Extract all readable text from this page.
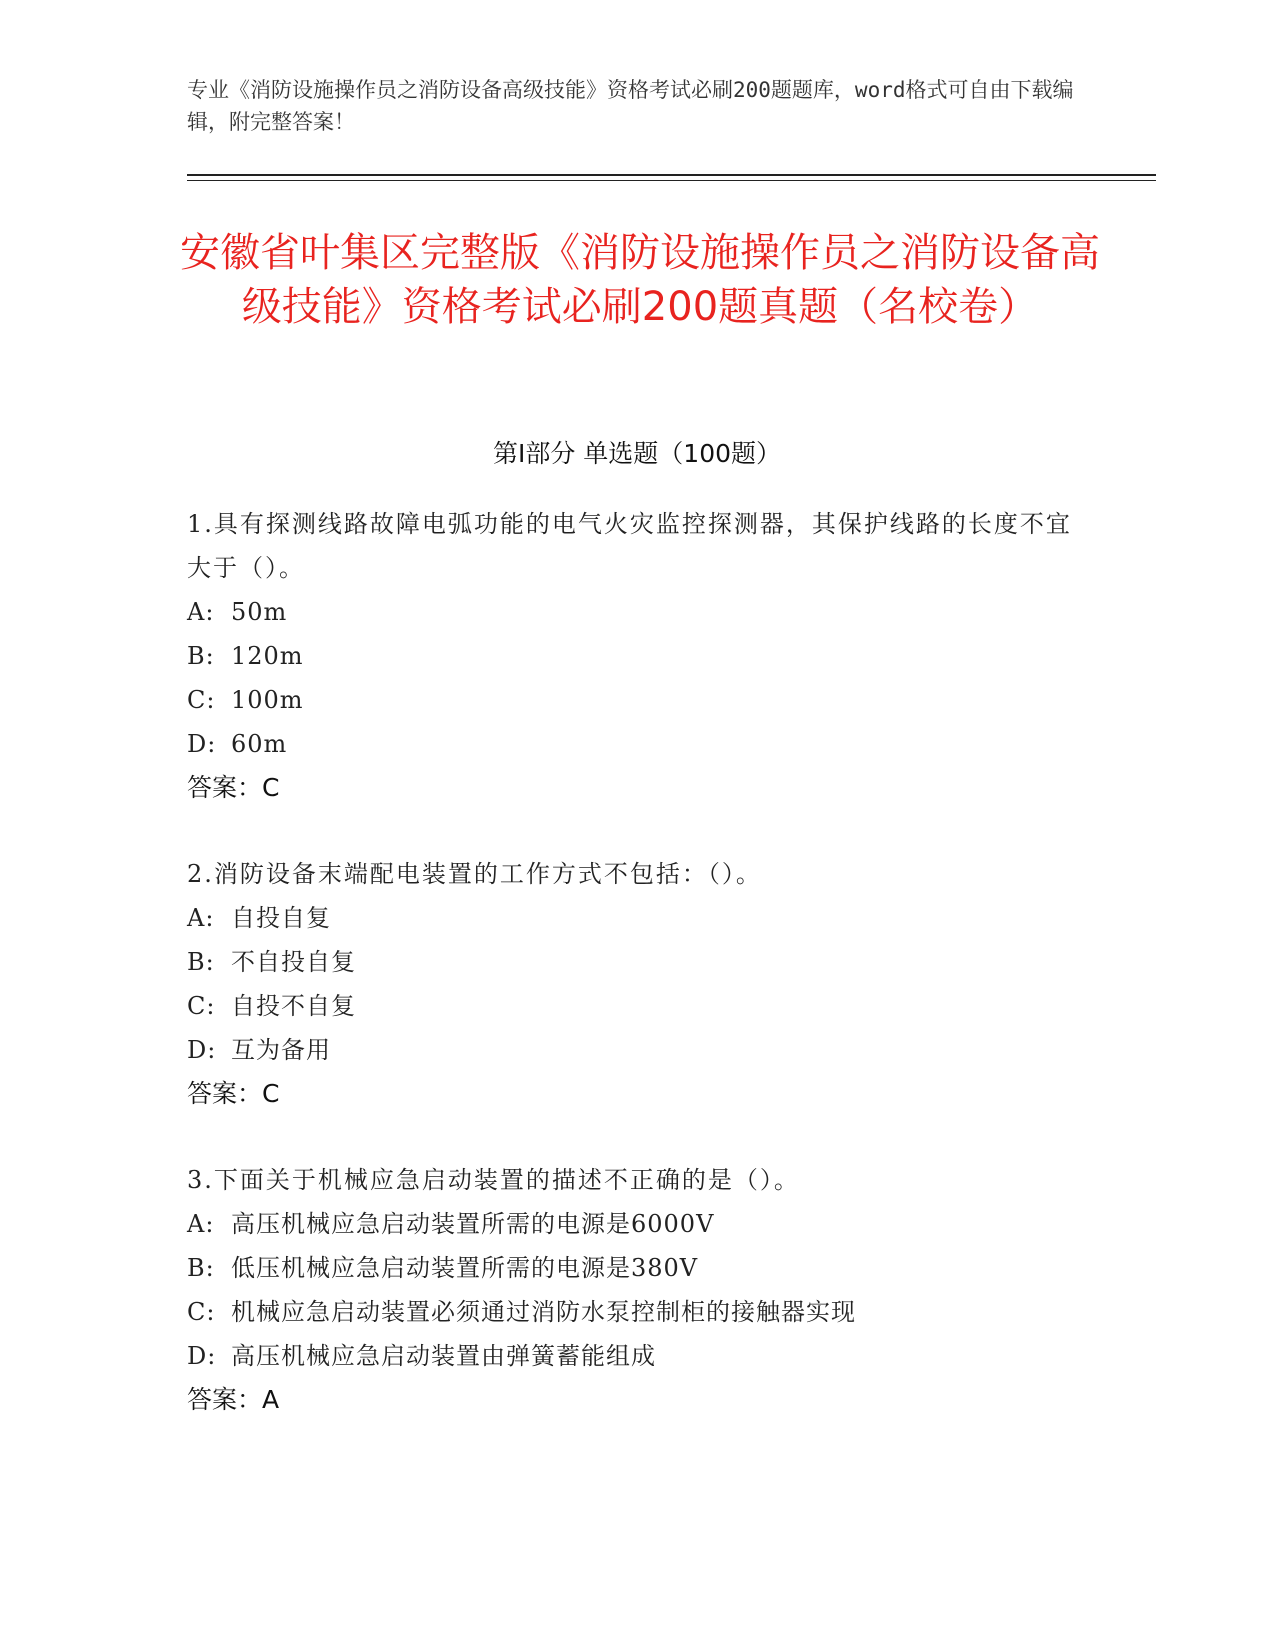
专业《消防设施操作员之消防设备高级技能》资格考试必刷200题题库，word格式可自由下载编辑，附完整答案！
安徽省叶集区完整版《消防设施操作员之消防设备高级技能》资格考试必刷200题真题（名校卷）
第Ⅰ部分 单选题（100题）
1.具有探测线路故障电弧功能的电气火灾监控探测器，其保护线路的长度不宜大于（）。
A: 50m
B: 120m
C: 100m
D: 60m
答案：C
2.消防设备末端配电装置的工作方式不包括：（）。
A: 自投自复
B: 不自投自复
C: 自投不自复
D: 互为备用
答案：C
3.下面关于机械应急启动装置的描述不正确的是（）。
A: 高压机械应急启动装置所需的电源是6000V
B: 低压机械应急启动装置所需的电源是380V
C: 机械应急启动装置必须通过消防水泵控制柜的接触器实现
D: 高压机械应急启动装置由弹簧蓄能组成
答案：A
